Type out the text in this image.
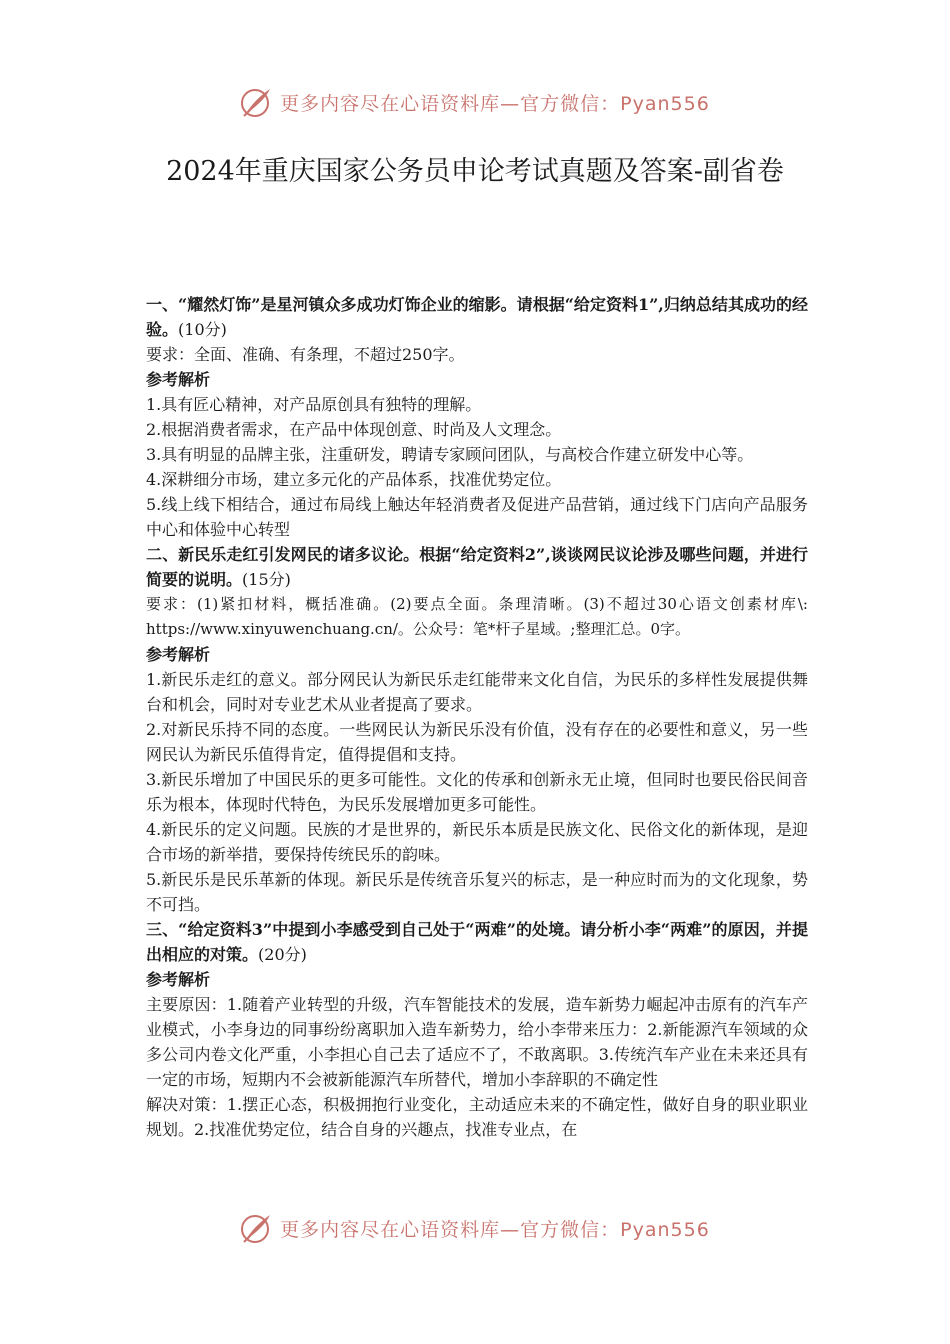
更多内容尽在心语资料库—官方微信：Pyan556
2024年重庆国家公务员申论考试真题及答案-副省卷

一、“耀然灯饰”是星河镇众多成功灯饰企业的缩影。请根据“给定资料1”,归纳总结其成功的经验。(10分)

要求：全面、准确、有条理，不超过250字。

参考解析

1.具有匠心精神，对产品原创具有独特的理解。

2.根据消费者需求，在产品中体现创意、时尚及人文理念。

3.具有明显的品牌主张，注重研发，聘请专家顾问团队，与高校合作建立研发中心等。

4.深耕细分市场，建立多元化的产品体系，找准优势定位。

5.线上线下相结合，通过布局线上触达年轻消费者及促进产品营销，通过线下门店向产品服务中心和体验中心转型

二、新民乐走红引发网民的诸多议论。根据“给定资料2”,谈谈网民议论涉及哪些问题，并进行简要的说明。(15分)

要求：(1)紧扣材料，概括准确。(2)要点全面。条理清晰。(3)不超过30心语文创素材库\: https://www.xinyuwenchuang.cn/。公众号：笔*杆子星域。;整理汇总。0字。

参考解析

1.新民乐走红的意义。部分网民认为新民乐走红能带来文化自信，为民乐的多样性发展提供舞台和机会，同时对专业艺术从业者提高了要求。

2.对新民乐持不同的态度。一些网民认为新民乐没有价值，没有存在的必要性和意义，另一些网民认为新民乐值得肯定，值得提倡和支持。

3.新民乐增加了中国民乐的更多可能性。文化的传承和创新永无止境，但同时也要民俗民间音乐为根本，体现时代特色，为民乐发展增加更多可能性。

4.新民乐的定义问题。民族的才是世界的，新民乐本质是民族文化、民俗文化的新体现，是迎合市场的新举措，要保持传统民乐的韵味。

5.新民乐是民乐革新的体现。新民乐是传统音乐复兴的标志，是一种应时而为的文化现象，势不可挡。

三、“给定资料3”中提到小李感受到自己处于“两难”的处境。请分析小李“两难”的原因，并提出相应的对策。(20分)

参考解析

主要原因：1.随着产业转型的升级，汽车智能技术的发展，造车新势力崛起冲击原有的汽车产业模式，小李身边的同事纷纷离职加入造车新势力，给小李带来压力：2.新能源汽车领域的众多公司内卷文化严重，小李担心自己去了适应不了，不敢离职。3.传统汽车产业在未来还具有一定的市场，短期内不会被新能源汽车所替代，增加小李辞职的不确定性

解决对策：1.摆正心态，积极拥抱行业变化，主动适应未来的不确定性，做好自身的职业职业规划。2.找准优势定位，结合自身的兴趣点，找准专业点，在

更多内容尽在心语资料库—官方微信：Pyan556
